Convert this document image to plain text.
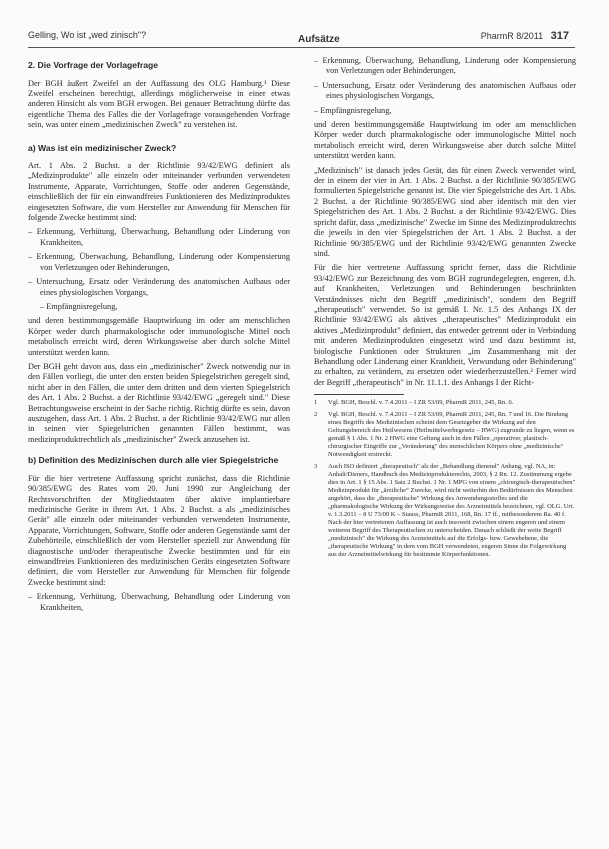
Gelling, Wo ist „wed zinisch"?	Aufsätze	PharmR 8/2011 317
2. Die Vorfrage der Vorlagefrage

Der BGH äußert Zweifel an der Auffassung des OLG Hamburg.¹ Diese Zweifel erscheinen berechtigt, allerdings möglicherweise in einer etwas anderen Hinsicht als vom BGH erwogen. Bei genauer Betrachtung dürfte das eigentliche Thema des Falles die der Vorlagefrage vorausgehenden Vorfrage sein, was unter einem „medizinischen Zweck" zu verstehen ist.

a) Was ist ein medizinischer Zweck?

Art. 1 Abs. 2 Buchst. a der Richtlinie 93/42/EWG definiert als „Medizinprodukte" alle einzeln oder miteinander verbunden verwendeten Instrumente, Apparate, Vorrichtungen, Stoffe oder anderen Gegenstände, einschließlich der für ein einwandfreies Funktionieren des Medizinproduktes eingesetzten Software, die vom Hersteller zur Anwendung für Menschen für folgende Zwecke bestimmt sind:

– Erkennung, Verhütung, Überwachung, Behandlung oder Linderung von Krankheiten,

– Erkennung, Überwachung, Behandlung, Linderung oder Kompensierung von Verletzungen oder Behinderungen,

– Untersuchung, Ersatz oder Veränderung des anatomischen Aufbaus oder eines physiologischen Vorgangs,

– Empfängnisregelung,

und deren bestimmungsgemäße Hauptwirkung im oder am menschlichen Körper weder durch pharmakologische oder immunologische Mittel noch metabolisch erreicht wird, deren Wirkungsweise aber durch solche Mittel unterstützt werden kann.

Der BGH geht davon aus, dass ein „medizinischer" Zweck notwendig nur in den Fällen vorliegt, die unter den ersten beiden Spiegelstrichen geregelt sind, nicht aber in den Fällen, die unter dem dritten und dem vierten Spiegelstrich des Art. 1 Abs. 2 Buchst. a der Richtlinie 93/42/EWG „geregelt sind." Diese Betrachtungsweise erscheint in der Sache richtig. Richtig dürfte es sein, davon auszugehen, dass Art. 1 Abs. 2 Buchst. a der Richtlinie 93/42/EWG nur allen in seinen vier Spiegelstrichen genannten Fällen bestimmt, was medizinproduktrechtlich als „medizinischer" Zweck anzusehen ist.

b) Definition des Medizinischen durch alle vier Spiegelstriche

Für die hier vertretene Auffassung spricht zunächst, dass die Richtlinie 90/385/EWG des Rates vom 20. Juni 1990 zur Angleichung der Rechtsvorschriften der Mitgliedstaaten über aktive implantierbare medizinische Geräte in ihrem Art. 1 Abs. 2 Buchst. a als „medizinisches Gerät" alle einzeln oder miteinander verbunden verwendeten Instrumente, Apparate, Vorrichtungen, Software, Stoffe oder anderen Gegenstände samt der Zubehörteile, einschließlich der vom Hersteller speziell zur Anwendung für diagnostische und/oder therapeutische Zwecke bestimmten und für ein einwandfreies Funktionieren des medizinischen Geräts eingesetzten Software definiert, die vom Hersteller zur Anwendung für Menschen für folgende Zwecke bestimmt sind:

– Erkennung, Verhütung, Überwachung, Behandlung oder Linderung von Krankheiten,

– Erkennung, Überwachung, Behandlung, Linderung oder Kompensierung von Verletzungen oder Behinderungen,

– Untersuchung, Ersatz oder Veränderung des anatomischen Aufbaus oder eines physiologischen Vorgangs,

– Empfängnisregelung,

und deren bestimmungsgemäße Hauptwirkung im oder am menschlichen Körper weder durch pharmakologische oder immunologische Mittel noch metabolisch erreicht wird, deren Wirkungsweise aber durch solche Mittel unterstützt werden kann.

„Medizinisch" ist danach jedes Gerät, das für einen Zweck verwendet wird, der in einem der vier in Art. 1 Abs. 2 Buchst. a der Richtlinie 90/385/EWG formulierten Spiegelstriche genannt ist. Die vier Spiegelstriche des Art. 1 Abs. 2 Buchst. a der Richtlinie 90/385/EWG sind aber identisch mit den vier Spiegelstrichen des Art. 1 Abs. 2 Buchst. a der Richtlinie 93/42/EWG. Dies spricht dafür, dass „medizinische" Zwecke im Sinne des Medizinproduktrechts die jeweils in den vier Spiegelstrichen der Art. 1 Abs. 2 Buchst. a der Richtlinie 90/385/EWG und der Richtlinie 93/42/EWG genannten Zwecke sind.

Für die hier vertretene Auffassung spricht ferner, dass die Richtlinie 93/42/EWG zur Bezeichnung des vom BGH zugrundegelegten, engeren, d.h. auf Krankheiten, Verletzungen und Behinderungen beschränkten Verständnisses nicht den Begriff „medizinisch", sondern den Begriff „therapeutisch" verwendet. So ist gemäß I. Nr. 1.5 des Anhangs IX der Richtlinie 93/42/EWG als aktives „therapeutisches" Medizinprodukt ein aktives „Medizinprodukt" definiert, das entweder getrennt oder in Verbindung mit anderen Medizinprodukten eingesetzt wird und dazu bestimmt ist, biologische Funktionen oder Strukturen „im Zusammenhang mit der Behandlung oder Linderung einer Krankheit, Verwundung oder Behinderung" zu erhalten, zu verändern, zu ersetzen oder wiederherzustellen.² Ferner wird der Begriff „therapeutisch" in Nr. 11.1.1. des Anhangs I der Richt-

1 Vgl. BGH, Beschl. v. 7.4.2011 – I ZR 53/09, PharmR 2011, 245, Rn. 6.

2 Vgl. BGH, Beschl. v. 7.4.2011 – I ZR 53/09, PharmR 2011, 245, Rn. 7 und 16. Die Bindung eines Begriffs des Medizinischen scheint dem Gesetzgeber die Wirkung auf den Geltungsbereich des Heilwesens (Heilmittelwerbegesetz – HWG) zugrunde zu liegen, wenn es gemäß § 1 Abs. 1 Nr. 2 HWG eine Geltung auch in den Fällen „operativer, plastisch-chirurgischer Eingriffe zur „Veränderung" des menschlichen Körpers ohne „medizinische" Notwendigkeit erstreckt.

3 Auch ISO definiert „therapeutisch" als der „Behandlung dienend" Anhang, vgl. NA, in: Anhalt/Dieners, Handbuch des Medizinprodukterechts, 2003, § 2 Rn. 12. Zustimmung ergebe dies in Art. 1 § 15 Abs. 1 Satz 2 Buchst. 1 Nr. 1 MPG von einem „chirurgisch-therapeutischen" Medizinprodukt für „ärztliche“ Zwecke, wird nicht weiterhin den Bedürfnissen des Menschen angehört, dass die „therapeutische" Wirkung des Anwendungsstoffes und die „pharmakologische Wirkung der Wirkungsweise des Arzneimittels bezeichnen, vgl. OLG. Urt. v. 1.3.2011 – 8 U 73/09 K – Stauss, PharmR 2011, 168, Rn. 17 ff., mitbesonderem Ra. 40 f. Nach der hier vertretenen Auffassung ist auch insoweit zwischen einem engeren und einem weiteren Begriff des Therapeutischen zu unterscheiden. Danach schließt der weite Begriff „medizinisch" die Wirkung des Arzneimittels auf die Erfolgs- bzw. Gewebebene, die „therapeutische Wirkung" in dem vom BGH verwendeten, engeren Sinne die Folgewirkung aus der Arzneimittelwirkung für bestimmte Körperfunktionen.
